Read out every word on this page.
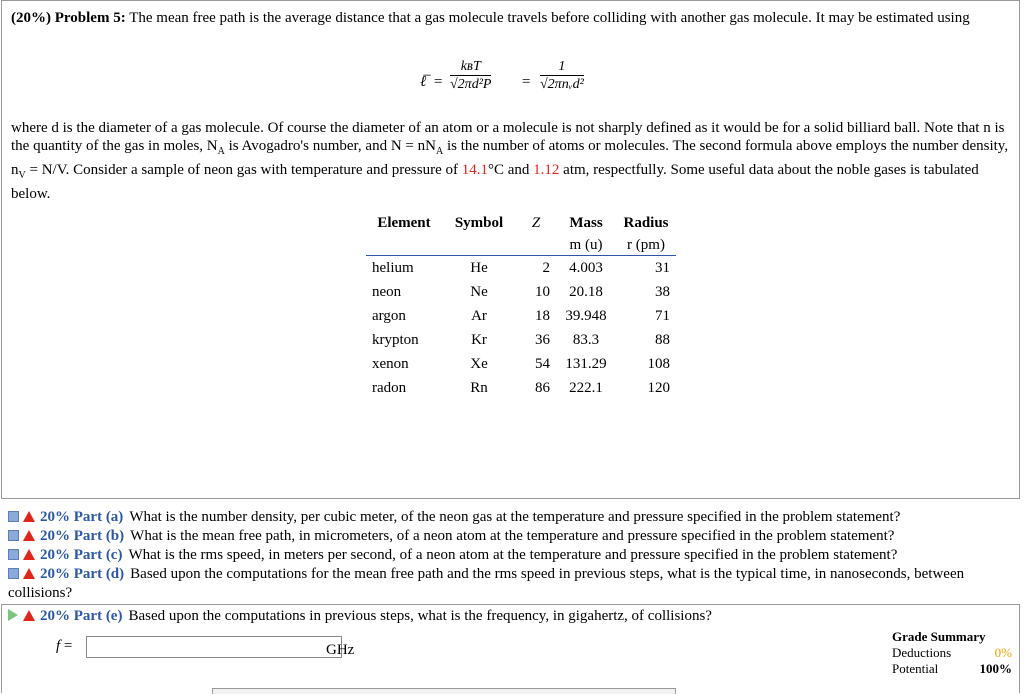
(20%) Problem 5: The mean free path is the average distance that a gas molecule travels before colliding with another gas molecule. It may be estimated using
ℓ̅ =
kʙT
√2πd²P =
1
√2πnᵥd²
where d is the diameter of a gas molecule. Of course the diameter of an atom or a molecule is not sharply defined as it would be for a solid billiard ball. Note that n is the quantity of the gas in moles, $N_A$ is Avogadro's number, and $N = nN_A$ is the number of atoms or molecules. The second formula above employs the number density, $n_V = N/V$. Consider a sample of neon gas with temperature and pressure of 14.1°C and 1.12 atm, respectfully. Some useful data about the noble gases is tabulated below.
Element	Symbol	Z	Mass	Radius
			m (u)	r (pm)
helium	He	2	4.003	31
neon	Ne	10	20.18	38
argon	Ar	18	39.948	71
krypton	Kr	36	83.3	88
xenon	Xe	54	131.29	108
radon	Rn	86	222.1	120
20% Part (a) What is the number density, per cubic meter, of the neon gas at the temperature and pressure specified in the problem statement?
20% Part (b) What is the mean free path, in micrometers, of a neon atom at the temperature and pressure specified in the problem statement?
20% Part (c) What is the rms speed, in meters per second, of a neon atom at the temperature and pressure specified in the problem statement?
20% Part (d) Based upon the computations for the mean free path and the rms speed in previous steps, what is the typical time, in nanoseconds, between collisions?
20% Part (e) Based upon the computations in previous steps, what is the frequency, in gigahertz, of collisions?
f =	GHz
Grade Summary
Deductions	0%
Potential	100%
